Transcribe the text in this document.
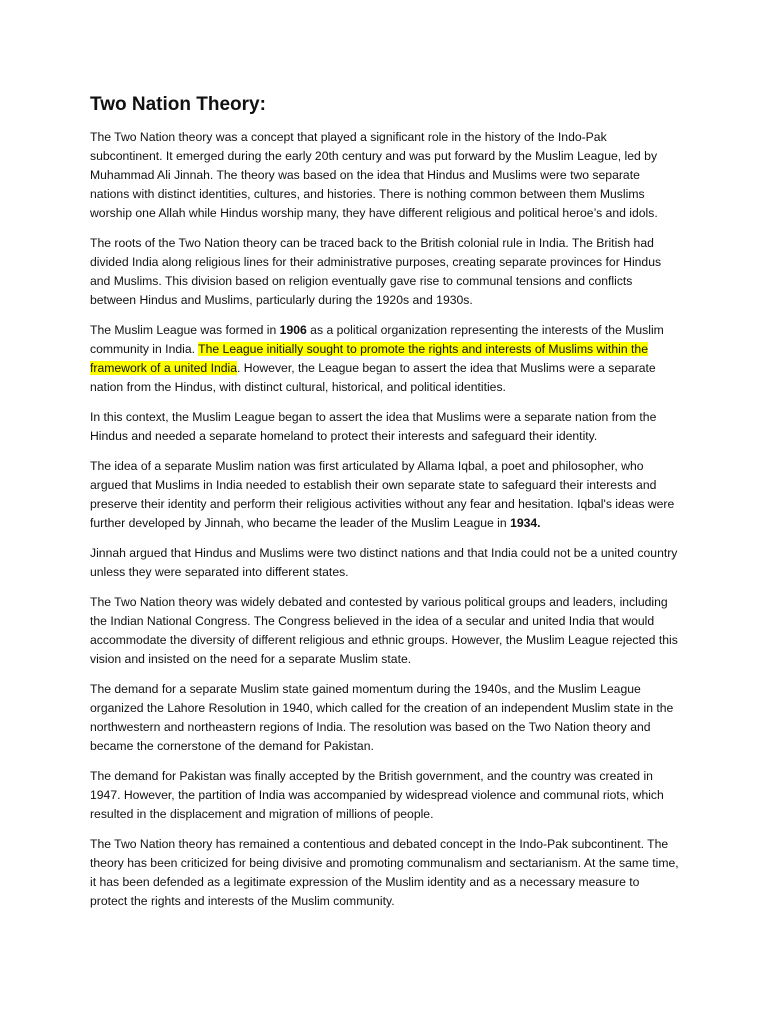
Two Nation Theory:

The Two Nation theory was a concept that played a significant role in the history of the Indo-Pak subcontinent. It emerged during the early 20th century and was put forward by the Muslim League, led by Muhammad Ali Jinnah. The theory was based on the idea that Hindus and Muslims were two separate nations with distinct identities, cultures, and histories. There is nothing common between them Muslims worship one Allah while Hindus worship many, they have different religious and political heroe’s and idols.

The roots of the Two Nation theory can be traced back to the British colonial rule in India. The British had divided India along religious lines for their administrative purposes, creating separate provinces for Hindus and Muslims. This division based on religion eventually gave rise to communal tensions and conflicts between Hindus and Muslims, particularly during the 1920s and 1930s.

The Muslim League was formed in 1906 as a political organization representing the interests of the Muslim community in India. The League initially sought to promote the rights and interests of Muslims within the framework of a united India. However, the League began to assert the idea that Muslims were a separate nation from the Hindus, with distinct cultural, historical, and political identities.

In this context, the Muslim League began to assert the idea that Muslims were a separate nation from the Hindus and needed a separate homeland to protect their interests and safeguard their identity.

The idea of a separate Muslim nation was first articulated by Allama Iqbal, a poet and philosopher, who argued that Muslims in India needed to establish their own separate state to safeguard their interests and preserve their identity and perform their religious activities without any fear and hesitation. Iqbal's ideas were further developed by Jinnah, who became the leader of the Muslim League in 1934.

Jinnah argued that Hindus and Muslims were two distinct nations and that India could not be a united country unless they were separated into different states.

The Two Nation theory was widely debated and contested by various political groups and leaders, including the Indian National Congress. The Congress believed in the idea of a secular and united India that would accommodate the diversity of different religious and ethnic groups. However, the Muslim League rejected this vision and insisted on the need for a separate Muslim state.

The demand for a separate Muslim state gained momentum during the 1940s, and the Muslim League organized the Lahore Resolution in 1940, which called for the creation of an independent Muslim state in the northwestern and northeastern regions of India. The resolution was based on the Two Nation theory and became the cornerstone of the demand for Pakistan.

The demand for Pakistan was finally accepted by the British government, and the country was created in 1947. However, the partition of India was accompanied by widespread violence and communal riots, which resulted in the displacement and migration of millions of people.

The Two Nation theory has remained a contentious and debated concept in the Indo-Pak subcontinent. The theory has been criticized for being divisive and promoting communalism and sectarianism. At the same time, it has been defended as a legitimate expression of the Muslim identity and as a necessary measure to protect the rights and interests of the Muslim community.
